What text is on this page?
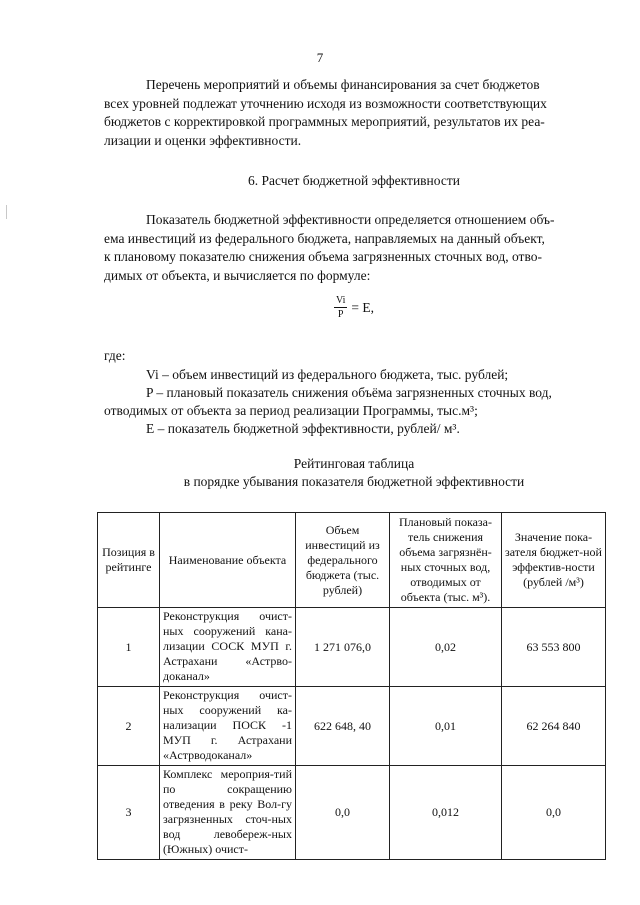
7

Перечень мероприятий и объемы финансирования за счет бюджетов

всех уровней подлежат уточнению исходя из возможности соответствующих

бюджетов с корректировкой программных мероприятий, результатов их реа-

лизации и оценки эффективности.

6. Расчет бюджетной эффективности

Показатель бюджетной эффективности определяется отношением объ-

ема инвестиций из федерального бюджета, направляемых на данный объект,

к плановому показателю снижения объема загрязненных сточных вод, отво-

димых от объекта, и вычисляется по формуле:

$\frac{Vi}{P} = E$,
где:

Vi – объем инвестиций из федерального бюджета, тыс. рублей;

P – плановый показатель снижения объёма загрязненных сточных вод, отводимых от объекта за период реализации Программы, тыс.м³;

E – показатель бюджетной эффективности, рублей/ м³.

Рейтинговая таблица
в порядке убывания показателя бюджетной эффективности
Позиция в рейтинге	Наименование объекта	Объем инвестиций из федерального бюджета (тыс. рублей)	Плановый показа-тель снижения объема загрязнён-ных сточных вод, отводимых от объекта (тыс. м³).	Значение пока-зателя бюджет-ной эффектив-ности (рублей /м³)
1	Реконструкция очист-ных сооружений кана-лизации СОСК МУП г. Астрахани «Астрво-доканал»	1 271 076,0	0,02	63 553 800
2	Реконструкция очист-ных сооружений ка-нализации ПОСК -1 МУП г. Астрахани «Астрводоканал»	622 648, 40	0,01	62 264 840
3	Комплекс мероприя-тий по сокращению отведения в реку Вол-гу загрязненных сточ-ных вод левобереж-ных (Южных) очист-	0,0	0,012	0,0
